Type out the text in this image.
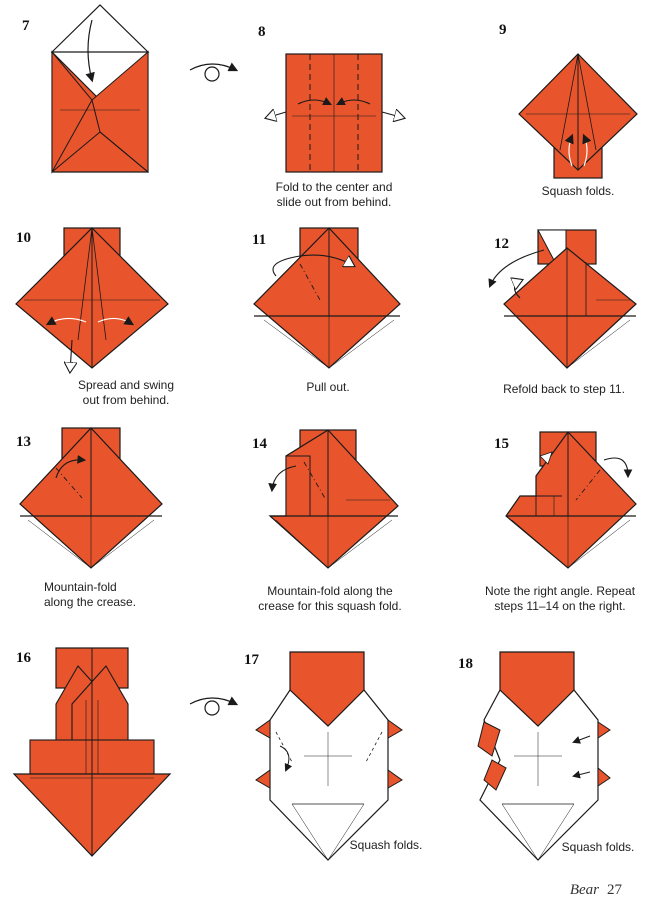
7	8	9
10	11	12
13	14	15
16	17	18
Fold to the center and
slide out from behind.
Squash folds.
Spread and swing
out from behind.
Pull out.	Refold back to step 11.
Mountain-fold
along the crease.
Mountain-fold along the
crease for this squash fold.
Note the right angle. Repeat
steps 11–14 on the right.
Squash folds.	Squash folds.
Bear 27
